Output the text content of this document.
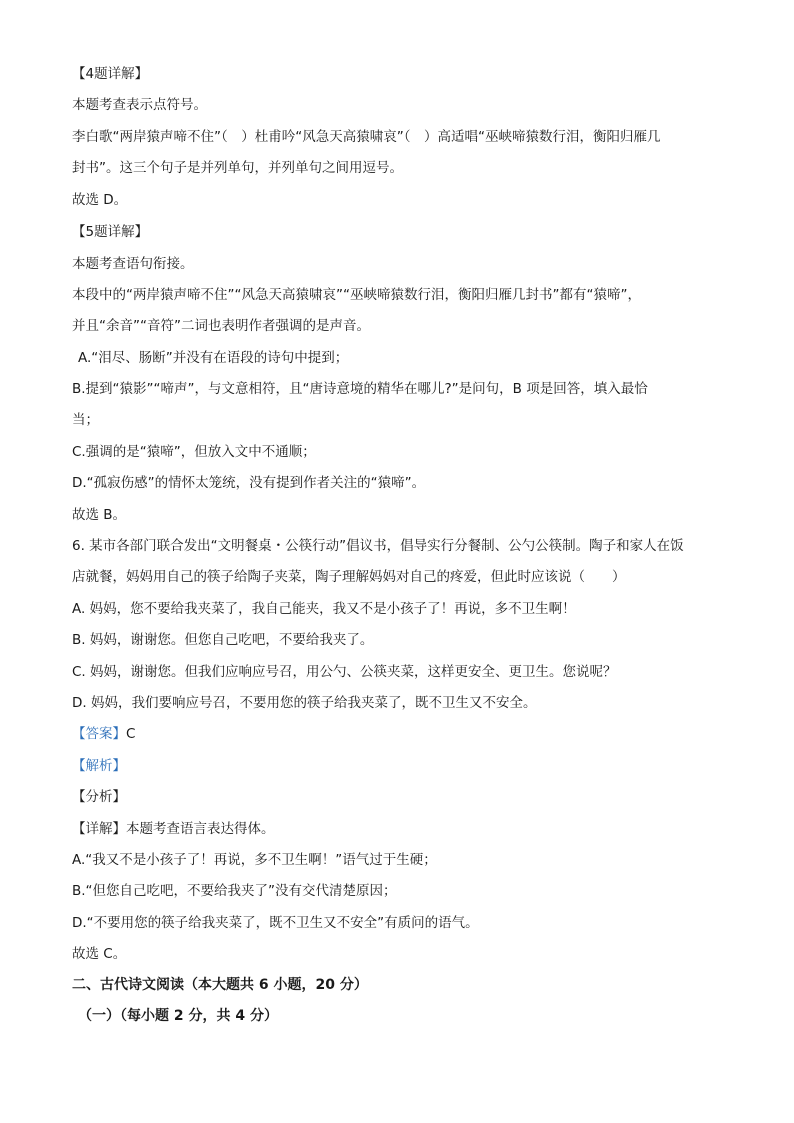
【4题详解】
本题考查表示点符号。
李白歌“两岸猿声啼不住”（　）杜甫吟“风急天高猿啸哀”（　）高适唱“巫峡啼猿数行泪，衡阳归雁几
封书”。这三个句子是并列单句，并列单句之间用逗号。
故选 D。
【5题详解】
本题考查语句衔接。
本段中的“两岸猿声啼不住”“风急天高猿啸哀”“巫峡啼猿数行泪，衡阳归雁几封书”都有“猿啼”，
并且“余音”“音符”二词也表明作者强调的是声音。
A.“泪尽、肠断”并没有在语段的诗句中提到；
B.提到“猿影”“啼声”，与文意相符，且“唐诗意境的精华在哪儿?”是问句，B 项是回答，填入最恰
当；
C.强调的是“猿啼”，但放入文中不通顺；
D.“孤寂伤感”的情怀太笼统，没有提到作者关注的“猿啼”。
故选 B。
6. 某市各部门联合发出“文明餐桌・公筷行动”倡议书，倡导实行分餐制、公勺公筷制。陶子和家人在饭
店就餐，妈妈用自己的筷子给陶子夹菜，陶子理解妈妈对自己的疼爱，但此时应该说（　　）
A. 妈妈，您不要给我夹菜了，我自己能夹，我又不是小孩子了！再说，多不卫生啊！
B. 妈妈，谢谢您。但您自己吃吧，不要给我夹了。
C. 妈妈，谢谢您。但我们应响应号召，用公勺、公筷夹菜，这样更安全、更卫生。您说呢？
D. 妈妈，我们要响应号召，不要用您的筷子给我夹菜了，既不卫生又不安全。
【答案】C
【解析】
【分析】
【详解】本题考查语言表达得体。
A.“我又不是小孩子了！再说，多不卫生啊！”语气过于生硬；
B.“但您自己吃吧，不要给我夹了”没有交代清楚原因；
D.“不要用您的筷子给我夹菜了，既不卫生又不安全”有质问的语气。
故选 C。
二、古代诗文阅读（本大题共 6 小题，20 分）
（一）（每小题 2 分，共 4 分）
